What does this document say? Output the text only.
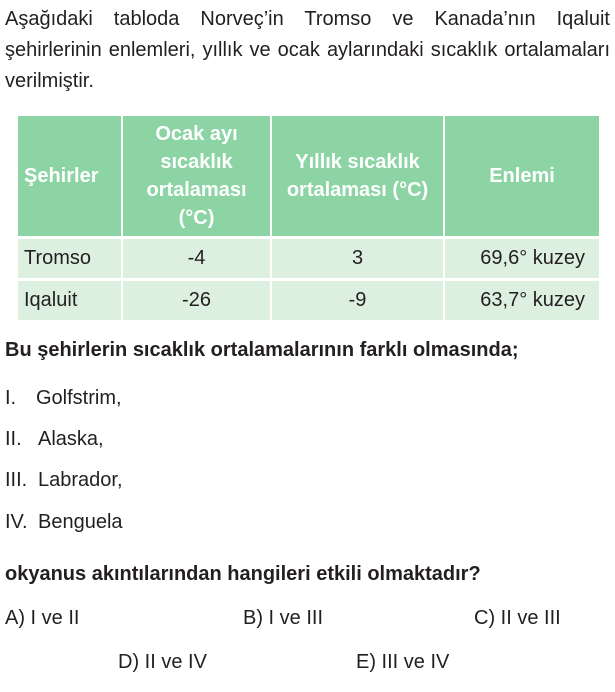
Aşağıdaki tabloda Norveç’in Tromso ve Kanada’nın Iqaluit şehirlerinin enlemleri, yıllık ve ocak aylarındaki sıcaklık ortalamaları verilmiştir.

Şehirler	Ocak ayı sıcaklık ortalaması (°C)	Yıllık sıcaklık ortalaması (°C)	Enlemi
Tromso	-4	3	69,6° kuzey
Iqaluit	-26	-9	63,7° kuzey
Bu şehirlerin sıcaklık ortalamalarının farklı olmasında;
I. Golfstrim,
II. Alaska,
III. Labrador,
IV. Benguela
okyanus akıntılarından hangileri etkili olmaktadır?
A) I ve II	B) I ve III	C) II ve III
D) II ve IV	E) III ve IV
